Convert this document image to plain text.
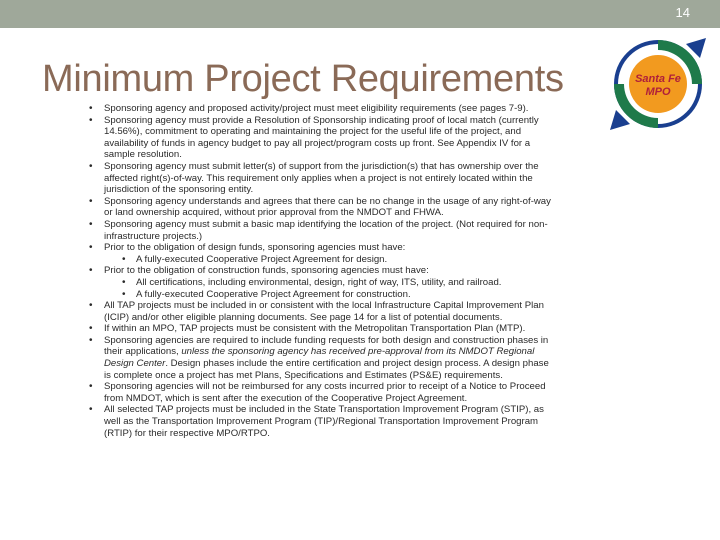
14
Minimum Project Requirements	Santa Fe
MPO
• Sponsoring agency and proposed activity/project must meet eligibility requirements (see pages 7-9).
• Sponsoring agency must provide a Resolution of Sponsorship indicating proof of local match (currently 14.56%), commitment to operating and maintaining the project for the useful life of the project, and availability of funds in agency budget to pay all project/program costs up front. See Appendix IV for a sample resolution.
• Sponsoring agency must submit letter(s) of support from the jurisdiction(s) that has ownership over the affected right(s)-of-way. This requirement only applies when a project is not entirely located within the jurisdiction of the sponsoring entity.
• Sponsoring agency understands and agrees that there can be no change in the usage of any right-of-way or land ownership acquired, without prior approval from the NMDOT and FHWA.
• Sponsoring agency must submit a basic map identifying the location of the project. (Not required for non-infrastructure projects.)
• Prior to the obligation of design funds, sponsoring agencies must have:
• A fully-executed Cooperative Project Agreement for design.
• Prior to the obligation of construction funds, sponsoring agencies must have:
• All certifications, including environmental, design, right of way, ITS, utility, and railroad.
• A fully-executed Cooperative Project Agreement for construction.
• All TAP projects must be included in or consistent with the local Infrastructure Capital Improvement Plan (ICIP) and/or other eligible planning documents. See page 14 for a list of potential documents.
• If within an MPO, TAP projects must be consistent with the Metropolitan Transportation Plan (MTP).
• Sponsoring agencies are required to include funding requests for both design and construction phases in their applications, unless the sponsoring agency has received pre-approval from its NMDOT Regional Design Center. Design phases include the entire certification and project design process. A design phase is complete once a project has met Plans, Specifications and Estimates (PS&E) requirements.
• Sponsoring agencies will not be reimbursed for any costs incurred prior to receipt of a Notice to Proceed from NMDOT, which is sent after the execution of the Cooperative Project Agreement.
• All selected TAP projects must be included in the State Transportation Improvement Program (STIP), as well as the Transportation Improvement Program (TIP)/Regional Transportation Improvement Program (RTIP) for their respective MPO/RTPO.
